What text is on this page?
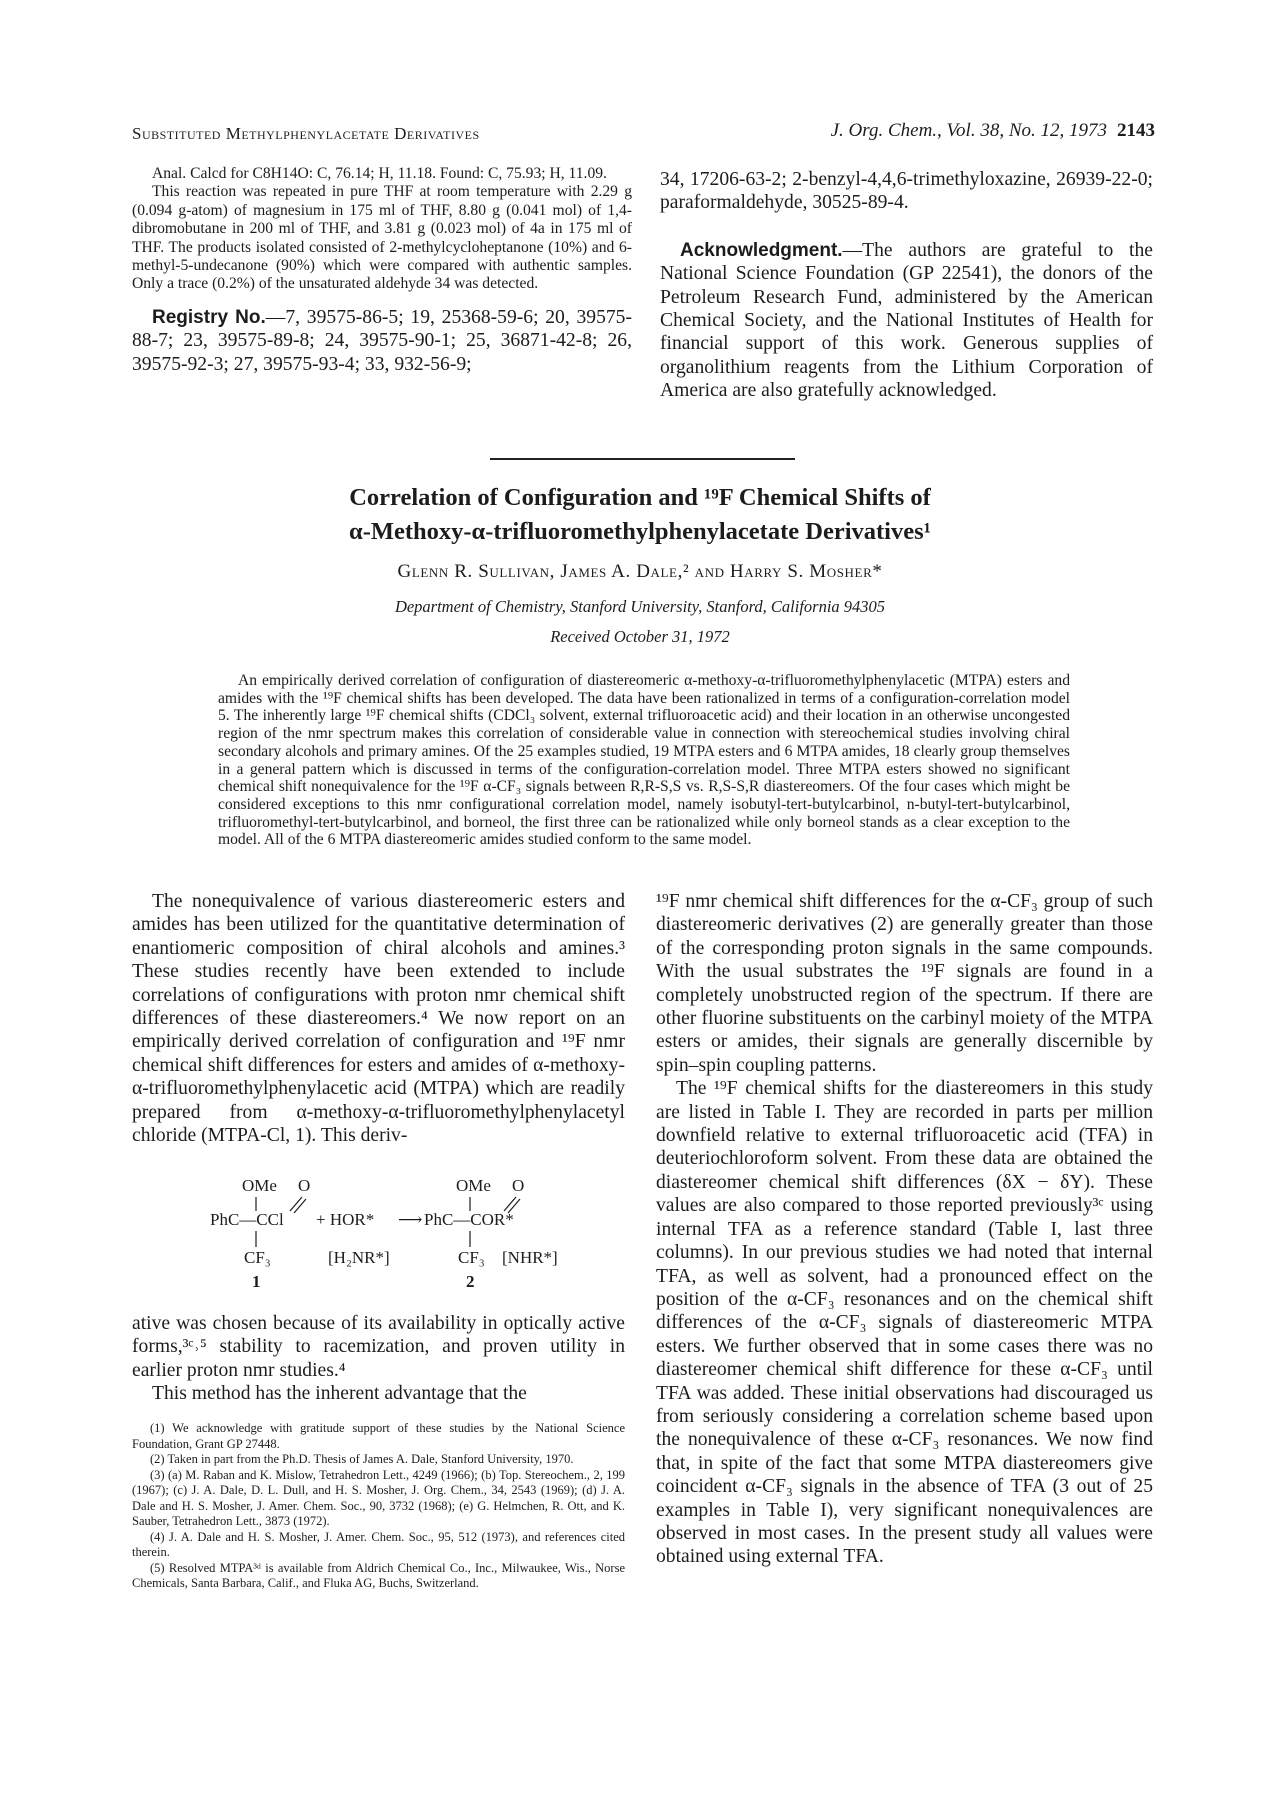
Substituted Methylphenylacetate Derivatives	J. Org. Chem., Vol. 38, No. 12, 1973 2143

Anal. Calcd for C8H14O: C, 76.14; H, 11.18. Found: C, 75.93; H, 11.09.

This reaction was repeated in pure THF at room temperature with 2.29 g (0.094 g-atom) of magnesium in 175 ml of THF, 8.80 g (0.041 mol) of 1,4-dibromobutane in 200 ml of THF, and 3.81 g (0.023 mol) of 4a in 175 ml of THF. The products isolated consisted of 2-methylcycloheptanone (10%) and 6-methyl-5-undecanone (90%) which were compared with authentic samples. Only a trace (0.2%) of the unsaturated aldehyde 34 was detected.

Registry No.—7, 39575-86-5; 19, 25368-59-6; 20, 39575-88-7; 23, 39575-89-8; 24, 39575-90-1; 25, 36871-42-8; 26, 39575-92-3; 27, 39575-93-4; 33, 932-56-9;

34, 17206-63-2; 2-benzyl-4,4,6-trimethyloxazine, 26939-22-0; paraformaldehyde, 30525-89-4.

Acknowledgment.—The authors are grateful to the National Science Foundation (GP 22541), the donors of the Petroleum Research Fund, administered by the American Chemical Society, and the National Institutes of Health for financial support of this work. Generous supplies of organolithium reagents from the Lithium Corporation of America are also gratefully acknowledged.

Correlation of Configuration and ¹⁹F Chemical Shifts of
α-Methoxy-α-trifluoromethylphenylacetate Derivatives¹
Glenn R. Sullivan, James A. Dale,² and Harry S. Mosher*
Department of Chemistry, Stanford University, Stanford, California 94305
Received October 31, 1972

An empirically derived correlation of configuration of diastereomeric α-methoxy-α-trifluoromethylphenylacetic (MTPA) esters and amides with the ¹⁹F chemical shifts has been developed. The data have been rationalized in terms of a configuration-correlation model 5. The inherently large ¹⁹F chemical shifts (CDCl₃ solvent, external trifluoroacetic acid) and their location in an otherwise uncongested region of the nmr spectrum makes this correlation of considerable value in connection with stereochemical studies involving chiral secondary alcohols and primary amines. Of the 25 examples studied, 19 MTPA esters and 6 MTPA amides, 18 clearly group themselves in a general pattern which is discussed in terms of the configuration-correlation model. Three MTPA esters showed no significant chemical shift nonequivalence for the ¹⁹F α-CF₃ signals between R,R-S,S vs. R,S-S,R diastereomers. Of the four cases which might be considered exceptions to this nmr configurational correlation model, namely isobutyl-tert-butylcarbinol, n-butyl-tert-butylcarbinol, trifluoromethyl-tert-butylcarbinol, and borneol, the first three can be rationalized while only borneol stands as a clear exception to the model. All of the 6 MTPA diastereomeric amides studied conform to the same model.

The nonequivalence of various diastereomeric esters and amides has been utilized for the quantitative determination of enantiomeric composition of chiral alcohols and amines.³ These studies recently have been extended to include correlations of configurations with proton nmr chemical shift differences of these diastereomers.⁴ We now report on an empirically derived correlation of configuration and ¹⁹F nmr chemical shift differences for esters and amides of α-methoxy-α-trifluoromethylphenylacetic acid (MTPA) which are readily prepared from α-methoxy-α-trifluoromethylphenylacetyl chloride (MTPA-Cl, 1). This deriv-

OMe O
PhC—CCl + HOR* ⟶ PhC—COR*
OMe O
CF₃	[H₂NR*]	CF₃ [NHR*]
1	2

ative was chosen because of its availability in optically active forms,³ᶜ˒⁵ stability to racemization, and proven utility in earlier proton nmr studies.⁴

This method has the inherent advantage that the

(1) We acknowledge with gratitude support of these studies by the National Science Foundation, Grant GP 27448.

(2) Taken in part from the Ph.D. Thesis of James A. Dale, Stanford University, 1970.

(3) (a) M. Raban and K. Mislow, Tetrahedron Lett., 4249 (1966); (b) Top. Stereochem., 2, 199 (1967); (c) J. A. Dale, D. L. Dull, and H. S. Mosher, J. Org. Chem., 34, 2543 (1969); (d) J. A. Dale and H. S. Mosher, J. Amer. Chem. Soc., 90, 3732 (1968); (e) G. Helmchen, R. Ott, and K. Sauber, Tetrahedron Lett., 3873 (1972).

(4) J. A. Dale and H. S. Mosher, J. Amer. Chem. Soc., 95, 512 (1973), and references cited therein.

(5) Resolved MTPA³ᵈ is available from Aldrich Chemical Co., Inc., Milwaukee, Wis., Norse Chemicals, Santa Barbara, Calif., and Fluka AG, Buchs, Switzerland.

¹⁹F nmr chemical shift differences for the α-CF₃ group of such diastereomeric derivatives (2) are generally greater than those of the corresponding proton signals in the same compounds. With the usual substrates the ¹⁹F signals are found in a completely unobstructed region of the spectrum. If there are other fluorine substituents on the carbinyl moiety of the MTPA esters or amides, their signals are generally discernible by spin–spin coupling patterns.

The ¹⁹F chemical shifts for the diastereomers in this study are listed in Table I. They are recorded in parts per million downfield relative to external trifluoroacetic acid (TFA) in deuteriochloroform solvent. From these data are obtained the diastereomer chemical shift differences (δX − δY). These values are also compared to those reported previously³ᶜ using internal TFA as a reference standard (Table I, last three columns). In our previous studies we had noted that internal TFA, as well as solvent, had a pronounced effect on the position of the α-CF₃ resonances and on the chemical shift differences of the α-CF₃ signals of diastereomeric MTPA esters. We further observed that in some cases there was no diastereomer chemical shift difference for these α-CF₃ until TFA was added. These initial observations had discouraged us from seriously considering a correlation scheme based upon the nonequivalence of these α-CF₃ resonances. We now find that, in spite of the fact that some MTPA diastereomers give coincident α-CF₃ signals in the absence of TFA (3 out of 25 examples in Table I), very significant nonequivalences are observed in most cases. In the present study all values were obtained using external TFA.
